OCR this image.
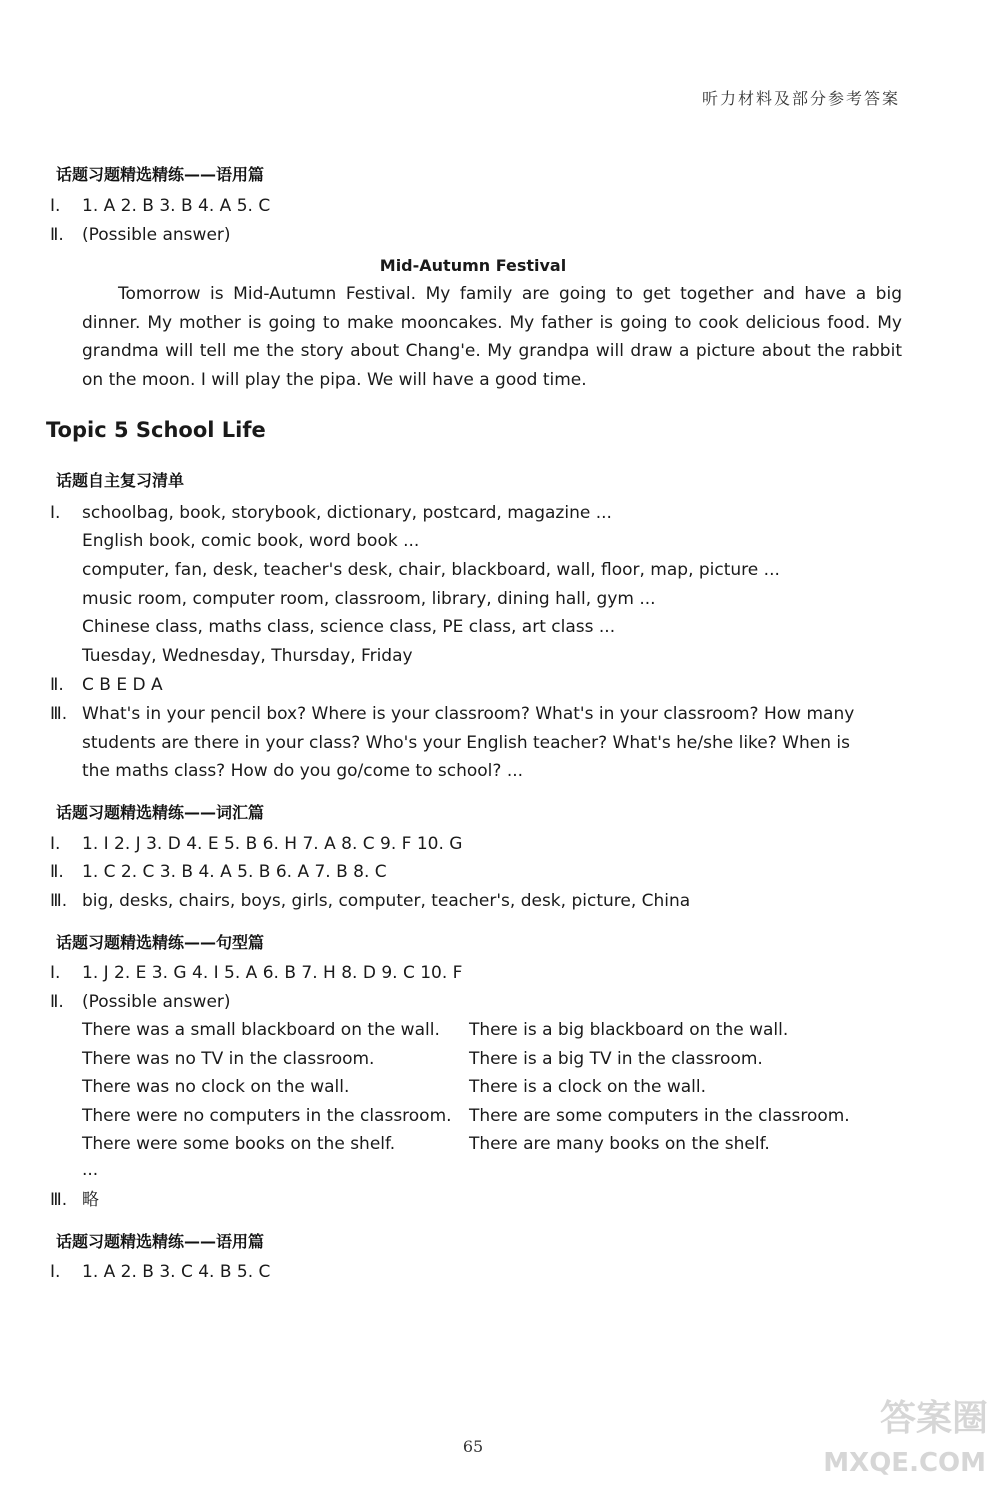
听力材料及部分参考答案
话题习题精选精练——语用篇
Ⅰ. 1. A 2. B 3. B 4. A 5. C
Ⅱ. (Possible answer)
Mid-Autumn Festival
Tomorrow is Mid-Autumn Festival. My family are going to get together and have a big dinner. My mother is going to make mooncakes. My father is going to cook delicious food. My grandma will tell me the story about Chang'e. My grandpa will draw a picture about the rabbit on the moon. I will play the pipa. We will have a good time.
Topic 5 School Life
话题自主复习清单
Ⅰ. schoolbag, book, storybook, dictionary, postcard, magazine ...
English book, comic book, word book ...
computer, fan, desk, teacher's desk, chair, blackboard, wall, floor, map, picture ...
music room, computer room, classroom, library, dining hall, gym ...
Chinese class, maths class, science class, PE class, art class ...
Tuesday, Wednesday, Thursday, Friday
Ⅱ. C B E D A
Ⅲ. What's in your pencil box? Where is your classroom? What's in your classroom? How many
students are there in your class? Who's your English teacher? What's he/she like? When is
the maths class? How do you go/come to school? ...
话题习题精选精练——词汇篇
Ⅰ. 1. I 2. J 3. D 4. E 5. B 6. H 7. A 8. C 9. F 10. G
Ⅱ. 1. C 2. C 3. B 4. A 5. B 6. A 7. B 8. C
Ⅲ. big, desks, chairs, boys, girls, computer, teacher's, desk, picture, China
话题习题精选精练——句型篇
Ⅰ. 1. J 2. E 3. G 4. I 5. A 6. B 7. H 8. D 9. C 10. F
Ⅱ. (Possible answer)
There was a small blackboard on the wall. There is a big blackboard on the wall.
There was no TV in the classroom.	There is a big TV in the classroom.
There was no clock on the wall.	There is a clock on the wall.
There were no computers in the classroom. There are some computers in the classroom.
There were some books on the shelf.	There are many books on the shelf.
...
Ⅲ. 略
话题习题精选精练——语用篇
Ⅰ. 1. A 2. B 3. C 4. B 5. C
65
答案圈
MXQE.COM
